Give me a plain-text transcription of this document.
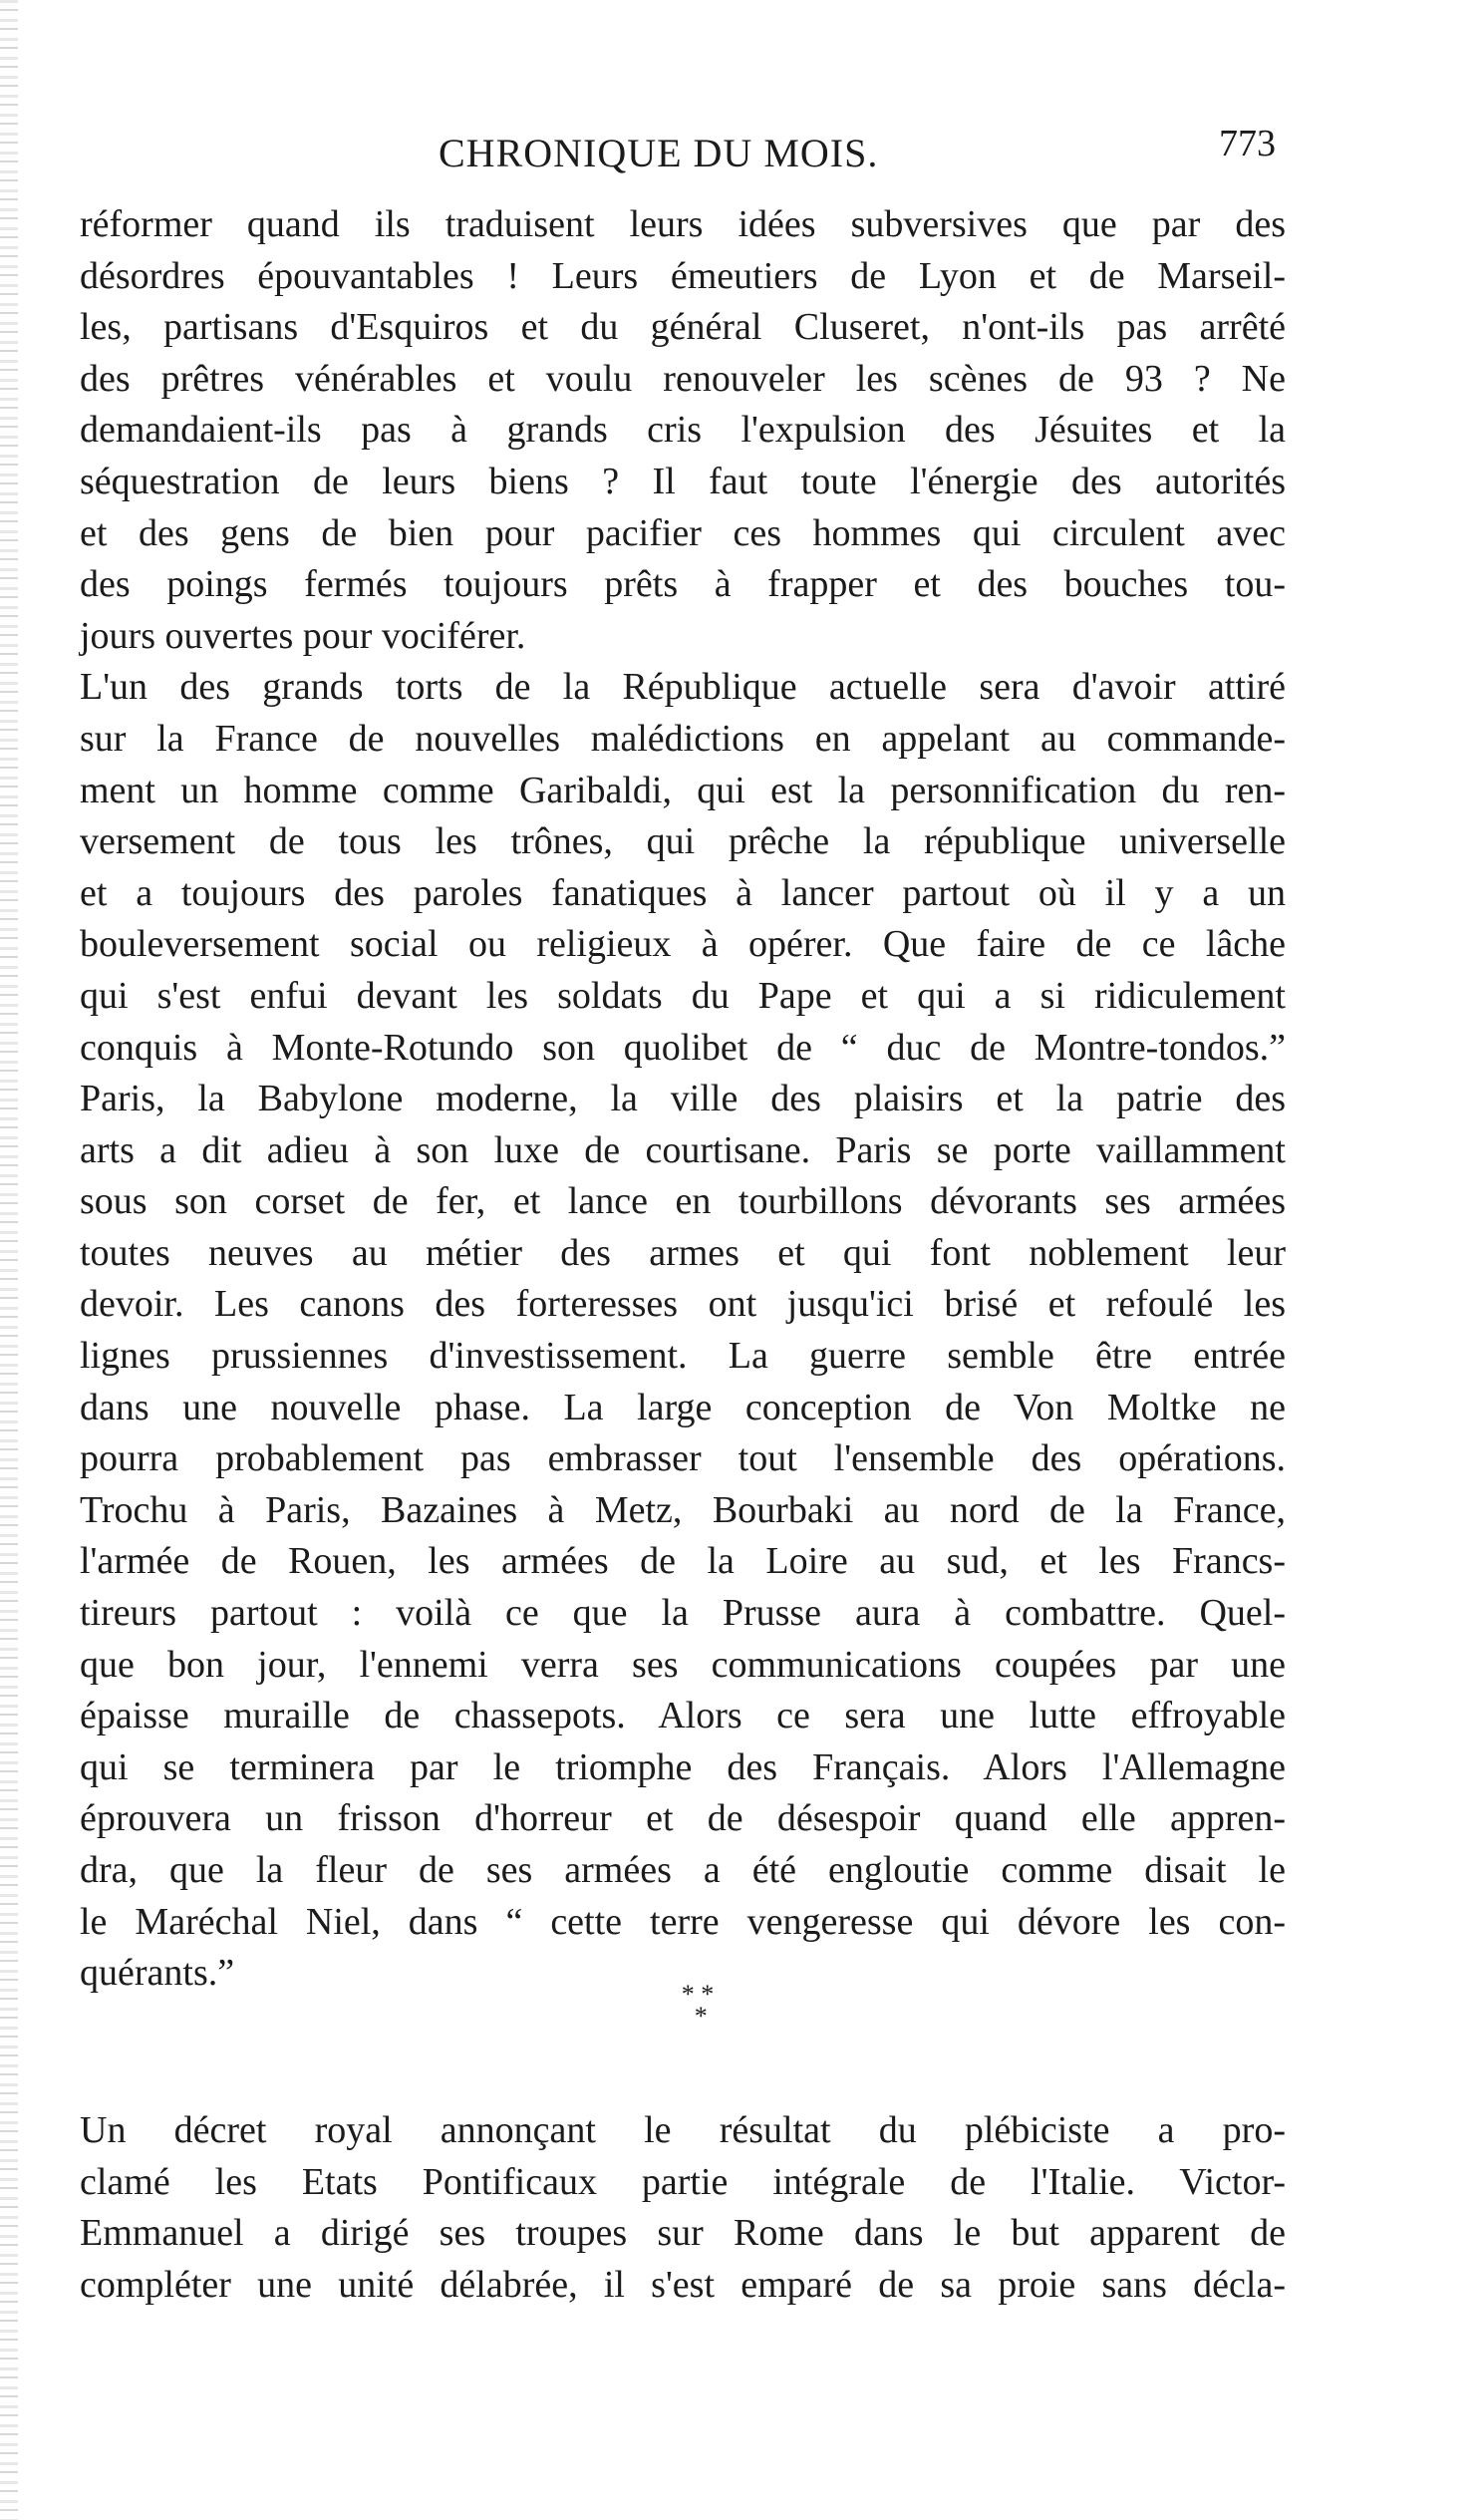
CHRONIQUE DU MOIS.	773

réformer quand ils traduisent leurs idées subversives que par des
désordres épouvantables ! Leurs émeutiers de Lyon et de Marseil-
les, partisans d'Esquiros et du général Cluseret, n'ont-ils pas arrêté
des prêtres vénérables et voulu renouveler les scènes de 93 ? Ne
demandaient-ils pas à grands cris l'expulsion des Jésuites et la
séquestration de leurs biens ? Il faut toute l'énergie des autorités
et des gens de bien pour pacifier ces hommes qui circulent avec
des poings fermés toujours prêts à frapper et des bouches tou-
jours ouvertes pour vociférer.

L'un des grands torts de la République actuelle sera d'avoir attiré
sur la France de nouvelles malédictions en appelant au commande-
ment un homme comme Garibaldi, qui est la personnification du ren-
versement de tous les trônes, qui prêche la république universelle
et a toujours des paroles fanatiques à lancer partout où il y a un
bouleversement social ou religieux à opérer. Que faire de ce lâche
qui s'est enfui devant les soldats du Pape et qui a si ridiculement
conquis à Monte-Rotundo son quolibet de “ duc de Montre-tondos.”

Paris, la Babylone moderne, la ville des plaisirs et la patrie des
arts a dit adieu à son luxe de courtisane. Paris se porte vaillamment
sous son corset de fer, et lance en tourbillons dévorants ses armées
toutes neuves au métier des armes et qui font noblement leur
devoir. Les canons des forteresses ont jusqu'ici brisé et refoulé les
lignes prussiennes d'investissement. La guerre semble être entrée
dans une nouvelle phase. La large conception de Von Moltke ne
pourra probablement pas embrasser tout l'ensemble des opérations.
Trochu à Paris, Bazaines à Metz, Bourbaki au nord de la France,
l'armée de Rouen, les armées de la Loire au sud, et les Francs-
tireurs partout : voilà ce que la Prusse aura à combattre. Quel-
que bon jour, l'ennemi verra ses communications coupées par une
épaisse muraille de chassepots. Alors ce sera une lutte effroyable
qui se terminera par le triomphe des Français. Alors l'Allemagne
éprouvera un frisson d'horreur et de désespoir quand elle appren-
dra, que la fleur de ses armées a été engloutie comme disait le
le Maréchal Niel, dans “ cette terre vengeresse qui dévore les con-
quérants.”

* *
*

Un décret royal annonçant le résultat du plébiciste a pro-
clamé les Etats Pontificaux partie intégrale de l'Italie. Victor-
Emmanuel a dirigé ses troupes sur Rome dans le but apparent de
compléter une unité délabrée, il s'est emparé de sa proie sans décla-
